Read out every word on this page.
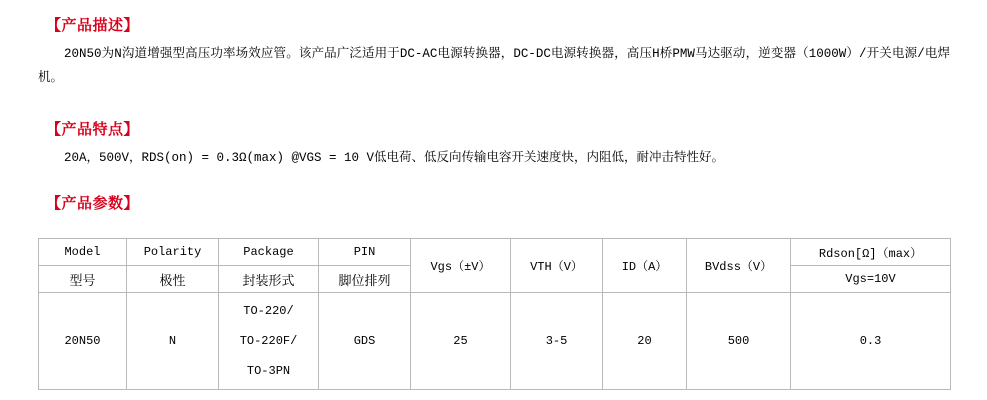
【产品描述】
20N50为N沟道增强型高压功率场效应管。该产品广泛适用于DC-AC电源转换器，DC-DC电源转换器，高压H桥PMW马达驱动，逆变器（1000W）/开关电源/电焊机。
【产品特点】
20A，500V，RDS(on) = 0.3Ω(max) @VGS = 10 V低电荷、低反向传输电容开关速度快，内阻低，耐冲击特性好。
【产品参数】
Model	Polarity	Package	PIN	Vgs（±V）	VTH（V）	ID（A）	BVdss（V）	Rdson[Ω]（max）
型号	极性	封装形式	脚位排列					Vgs=10V
20N50	N	TO-220/
TO-220F/
TO-3PN	GDS	25	3-5	20	500	0.3
